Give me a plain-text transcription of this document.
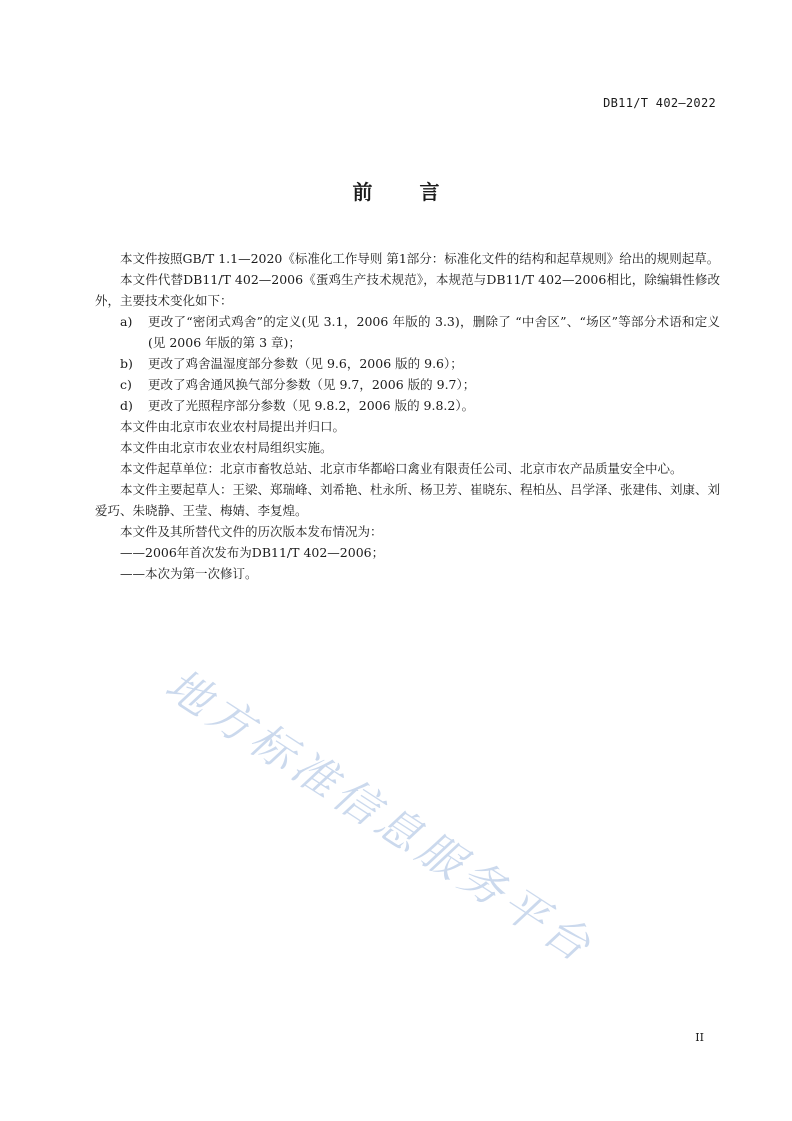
DB11/T 402—2022
前 言

本文件按照GB/T 1.1—2020《标准化工作导则 第1部分：标准化文件的结构和起草规则》给出的规则起草。

本文件代替DB11/T 402—2006《蛋鸡生产技术规范》，本规范与DB11/T 402—2006相比，除编辑性修改外，主要技术变化如下：

a)	更改了“密闭式鸡舍”的定义(见 3.1，2006 年版的 3.3)，删除了 “中舍区”、“场区”等部分术语和定义 (见 2006 年版的第 3 章)；
b)	更改了鸡舍温湿度部分参数（见 9.6，2006 版的 9.6）；
c)	更改了鸡舍通风换气部分参数（见 9.7，2006 版的 9.7）；
d)	更改了光照程序部分参数（见 9.8.2，2006 版的 9.8.2）。

本文件由北京市农业农村局提出并归口。

本文件由北京市农业农村局组织实施。

本文件起草单位：北京市畜牧总站、北京市华都峪口禽业有限责任公司、北京市农产品质量安全中心。

本文件主要起草人：王梁、郑瑞峰、刘希艳、杜永所、杨卫芳、崔晓东、程柏丛、吕学泽、张建伟、刘康、刘爱巧、朱晓静、王莹、梅婧、李复煌。

本文件及其所替代文件的历次版本发布情况为：

——2006年首次发布为DB11/T 402—2006；
——本次为第一次修订。
地方标准信息服务平台
II
